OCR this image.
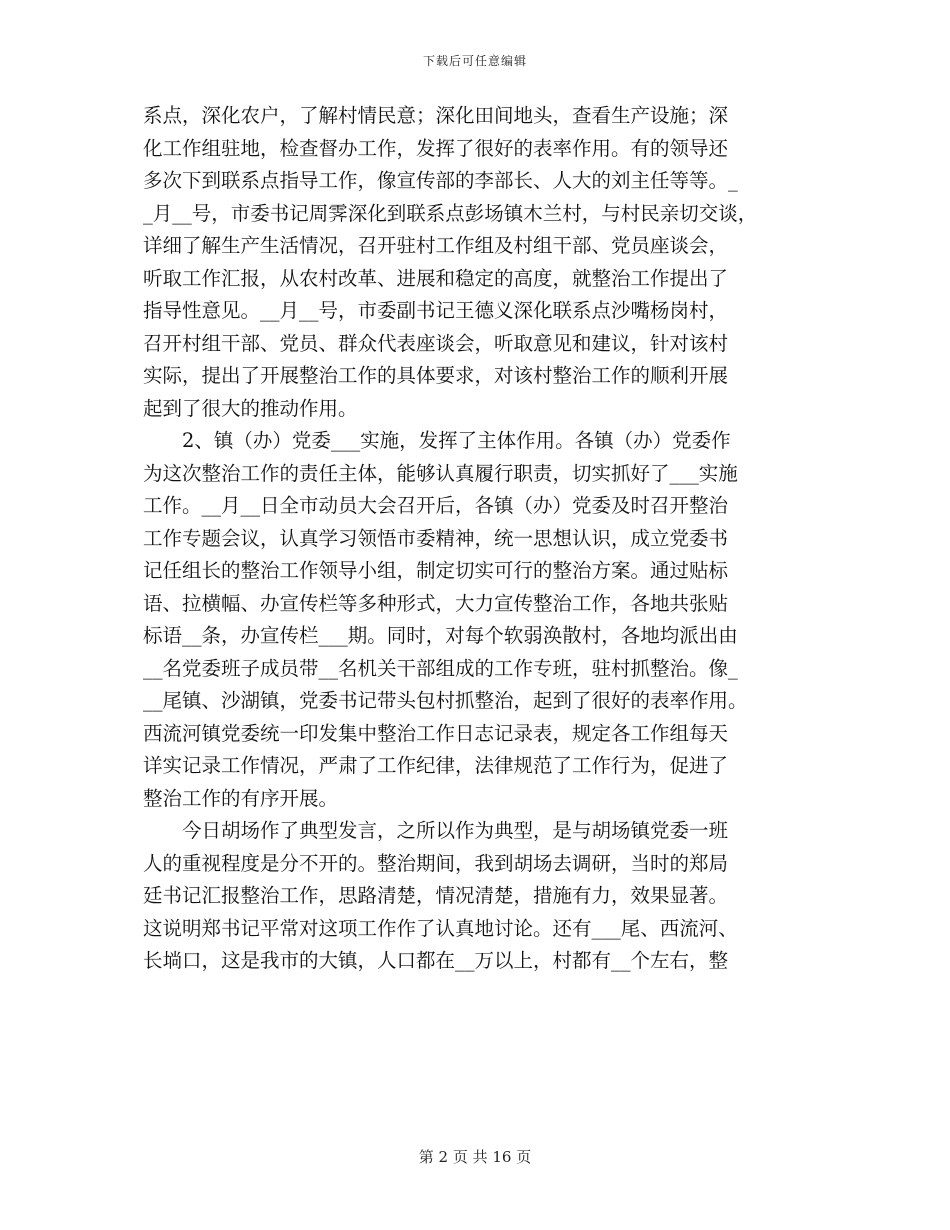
下载后可任意编辑

系点，深化农户，了解村情民意；深化田间地头，查看生产设施；深
化工作组驻地，检查督办工作，发挥了很好的表率作用。有的领导还
多次下到联系点指导工作，像宣传部的李部长、人大的刘主任等等。_
_月__号，市委书记周霁深化到联系点彭场镇木兰村，与村民亲切交谈，
详细了解生产生活情况，召开驻村工作组及村组干部、党员座谈会，
听取工作汇报，从农村改革、进展和稳定的高度，就整治工作提出了
指导性意见。__月__号，市委副书记王德义深化联系点沙嘴杨岗村，
召开村组干部、党员、群众代表座谈会，听取意见和建议，针对该村
实际，提出了开展整治工作的具体要求，对该村整治工作的顺利开展
起到了很大的推动作用。

　　2、镇（办）党委___实施，发挥了主体作用。各镇（办）党委作
为这次整治工作的责任主体，能够认真履行职责，切实抓好了___实施
工作。__月__日全市动员大会召开后，各镇（办）党委及时召开整治
工作专题会议，认真学习领悟市委精神，统一思想认识，成立党委书
记任组长的整治工作领导小组，制定切实可行的整治方案。通过贴标
语、拉横幅、办宣传栏等多种形式，大力宣传整治工作，各地共张贴
标语__条，办宣传栏___期。同时，对每个软弱涣散村，各地均派出由
__名党委班子成员带__名机关干部组成的工作专班，驻村抓整治。像_
__尾镇、沙湖镇，党委书记带头包村抓整治，起到了很好的表率作用。
西流河镇党委统一印发集中整治工作日志记录表，规定各工作组每天
详实记录工作情况，严肃了工作纪律，法律规范了工作行为，促进了
整治工作的有序开展。

　　今日胡场作了典型发言，之所以作为典型，是与胡场镇党委一班
人的重视程度是分不开的。整治期间，我到胡场去调研，当时的郑局
廷书记汇报整治工作，思路清楚，情况清楚，措施有力，效果显著。
这说明郑书记平常对这项工作作了认真地讨论。还有___尾、西流河、
长埫口，这是我市的大镇，人口都在__万以上，村都有__个左右，整

第 2 页 共 16 页
